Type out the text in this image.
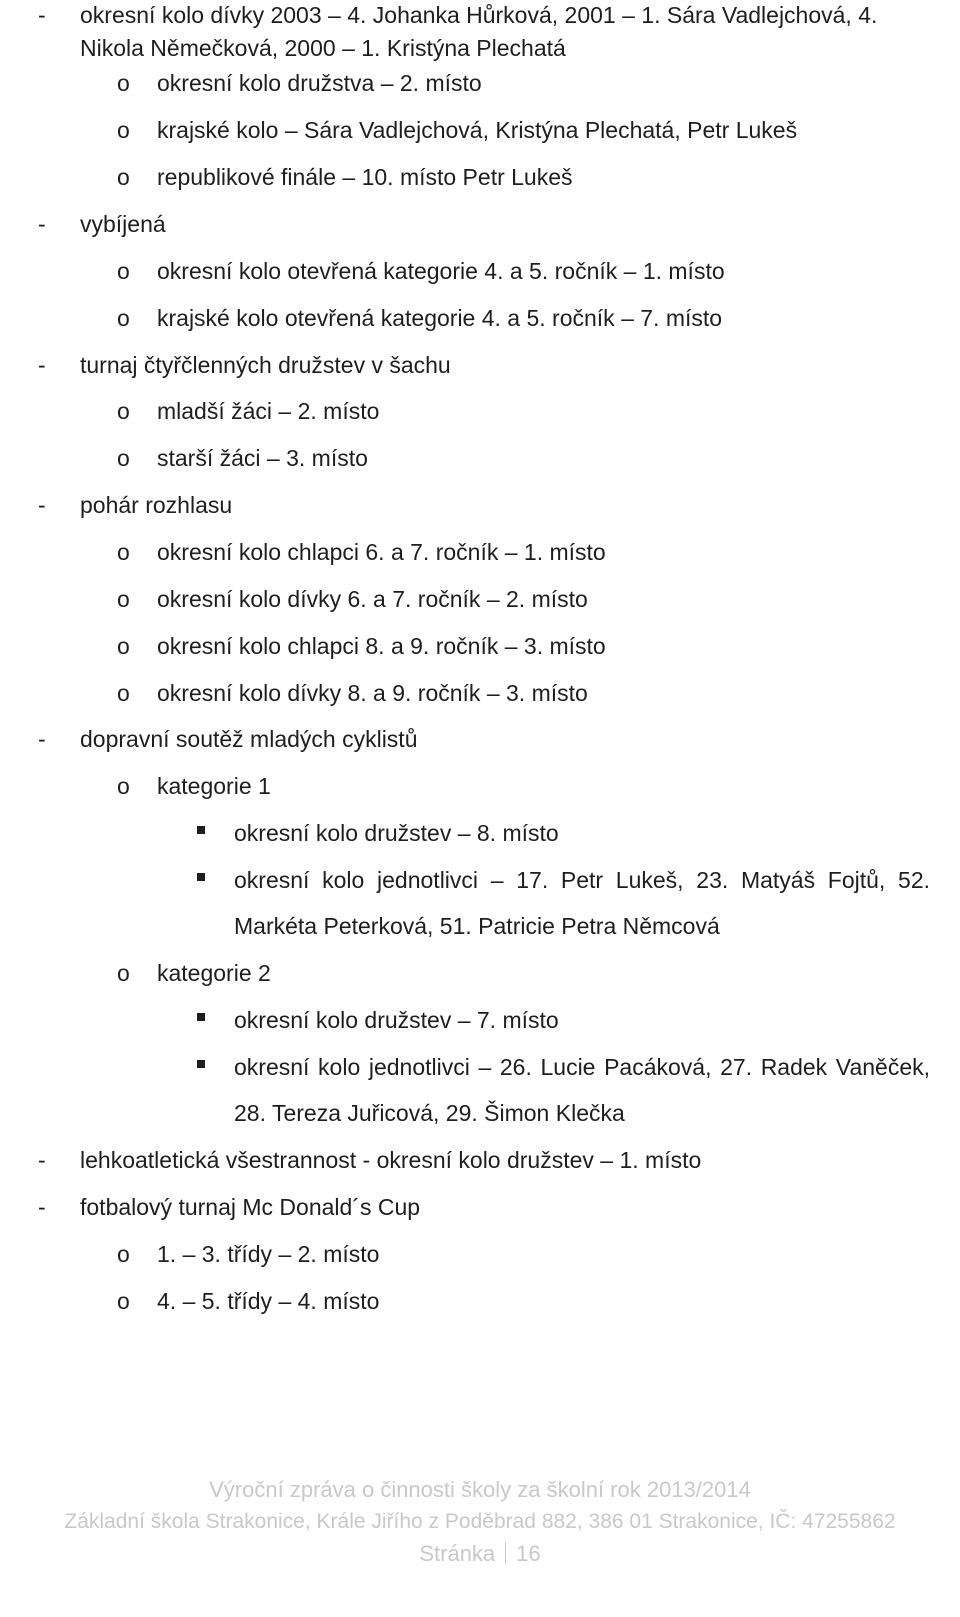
- okresní kolo dívky 2003 – 4. Johanka Hůrková, 2001 – 1. Sára Vadlejchová, 4.
Nikola Němečková, 2000 – 1. Kristýna Plechatá
o okresní kolo družstva – 2. místo
o krajské kolo – Sára Vadlejchová, Kristýna Plechatá, Petr Lukeš
o republikové finále – 10. místo Petr Lukeš
- vybíjená
o okresní kolo otevřená kategorie 4. a 5. ročník – 1. místo
o krajské kolo otevřená kategorie 4. a 5. ročník – 7. místo
- turnaj čtyřčlenných družstev v šachu
o mladší žáci – 2. místo
o starší žáci – 3. místo
- pohár rozhlasu
o okresní kolo chlapci 6. a 7. ročník – 1. místo
o okresní kolo dívky 6. a 7. ročník – 2. místo
o okresní kolo chlapci 8. a 9. ročník – 3. místo
o okresní kolo dívky 8. a 9. ročník – 3. místo
- dopravní soutěž mladých cyklistů
o kategorie 1
okresní kolo družstev – 8. místo
okresní kolo jednotlivci – 17. Petr Lukeš, 23. Matyáš Fojtů, 52.
Markéta Peterková, 51. Patricie Petra Němcová
o kategorie 2
okresní kolo družstev – 7. místo
okresní kolo jednotlivci – 26. Lucie Pacáková, 27. Radek Vaněček,
28. Tereza Juřicová, 29. Šimon Klečka
- lehkoatletická všestrannost - okresní kolo družstev – 1. místo
- fotbalový turnaj Mc Donald´s Cup
o 1. – 3. třídy – 2. místo
o 4. – 5. třídy – 4. místo
Výroční zpráva o činnosti školy za školní rok 2013/2014
Základní škola Strakonice, Krále Jiřího z Poděbrad 882, 386 01 Strakonice, IČ: 47255862
Stránka 16
